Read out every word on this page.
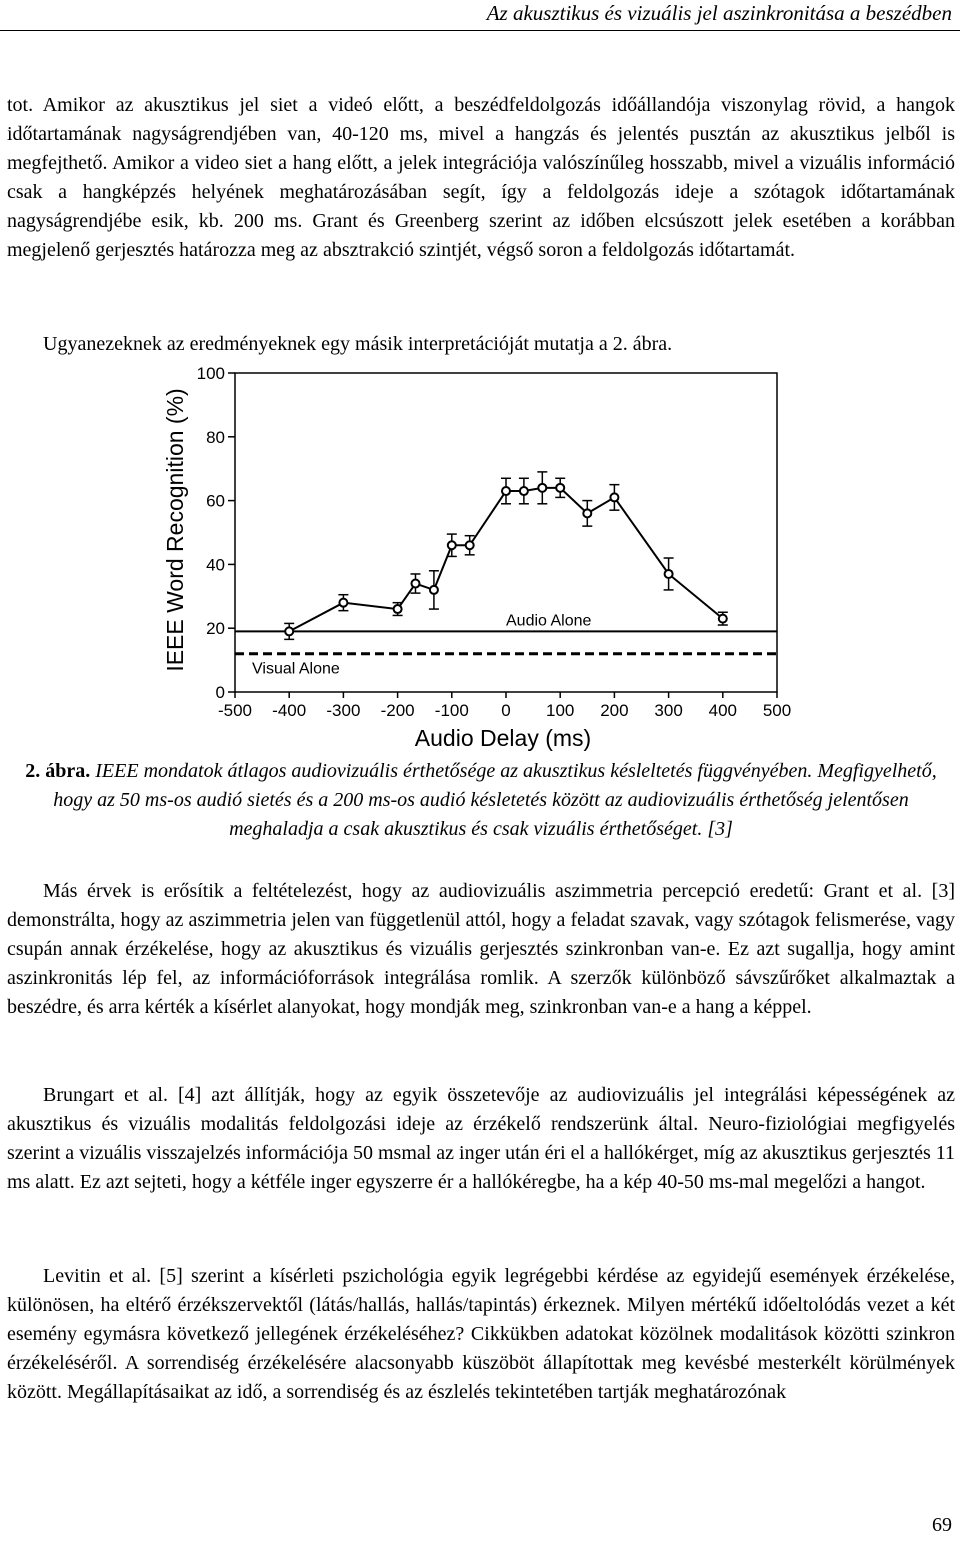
Az akusztikus és vizuális jel aszinkronitása a beszédben

tot. Amikor az akusztikus jel siet a videó előtt, a beszédfeldolgozás időállandója viszonylag rövid, a hangok időtartamának nagyságrendjében van, 40-120 ms, mivel a hangzás és jelentés pusztán az akusztikus jelből is megfejthető. Amikor a video siet a hang előtt, a jelek integrációja valószínűleg hosszabb, mivel a vizuális információ csak a hangképzés helyének meghatározásában segít, így a feldolgozás ideje a szótagok időtartamának nagyságrendjébe esik, kb. 200 ms. Grant és Greenberg szerint az időben elcsúszott jelek esetében a korábban megjelenő gerjesztés határozza meg az absztrakció szintjét, végső soron a feldolgozás időtartamát.

Ugyanezeknek az eredményeknek egy másik interpretációját mutatja a 2. ábra.

0
20
40
60
80
100
-500 -400 -300 -200 -100 0 100 200 300 400 500
Audio Alone
Visual Alone
IEEE Word Recognition (%)
Audio Delay (ms)

2. ábra. IEEE mondatok átlagos audiovizuális érthetősége az akusztikus késleltetés függvényében. Megfigyelhető, hogy az 50 ms-os audió sietés és a 200 ms-os audió késletetés között az audiovizuális érthetőség jelentősen meghaladja a csak akusztikus és csak vizuális érthetőséget. [3]

Más érvek is erősítik a feltételezést, hogy az audiovizuális aszimmetria percepció eredetű: Grant et al. [3] demonstrálta, hogy az aszimmetria jelen van függetlenül attól, hogy a feladat szavak, vagy szótagok felismerése, vagy csupán annak érzékelése, hogy az akusztikus és vizuális gerjesztés szinkronban van-e. Ez azt sugallja, hogy amint aszinkronitás lép fel, az információforrások integrálása romlik. A szerzők különböző sávszűrőket alkalmaztak a beszédre, és arra kérték a kísérlet alanyokat, hogy mondják meg, szinkronban van-e a hang a képpel.

Brungart et al. [4] azt állítják, hogy az egyik összetevője az audiovizuális jel integrálási képességének az akusztikus és vizuális modalitás feldolgozási ideje az érzékelő rendszerünk által. Neuro-fiziológiai megfigyelés szerint a vizuális visszajelzés információja 50 msmal az inger után éri el a hallókérget, míg az akusztikus gerjesztés 11 ms alatt. Ez azt sejteti, hogy a kétféle inger egyszerre ér a hallókéregbe, ha a kép 40-50 ms-mal megelőzi a hangot.

Levitin et al. [5] szerint a kísérleti pszichológia egyik legrégebbi kérdése az egyidejű események érzékelése, különösen, ha eltérő érzékszervektől (látás/hallás, hallás/tapintás) érkeznek. Milyen mértékű időeltolódás vezet a két esemény egymásra következő jellegének érzékeléséhez? Cikkükben adatokat közölnek modalitások közötti szinkron érzékeléséről. A sorrendiség érzékelésére alacsonyabb küszöböt állapítottak meg kevésbé mesterkélt körülmények között. Megállapításaikat az idő, a sorrendiség és az észlelés tekintetében tartják meghatározónak

69
